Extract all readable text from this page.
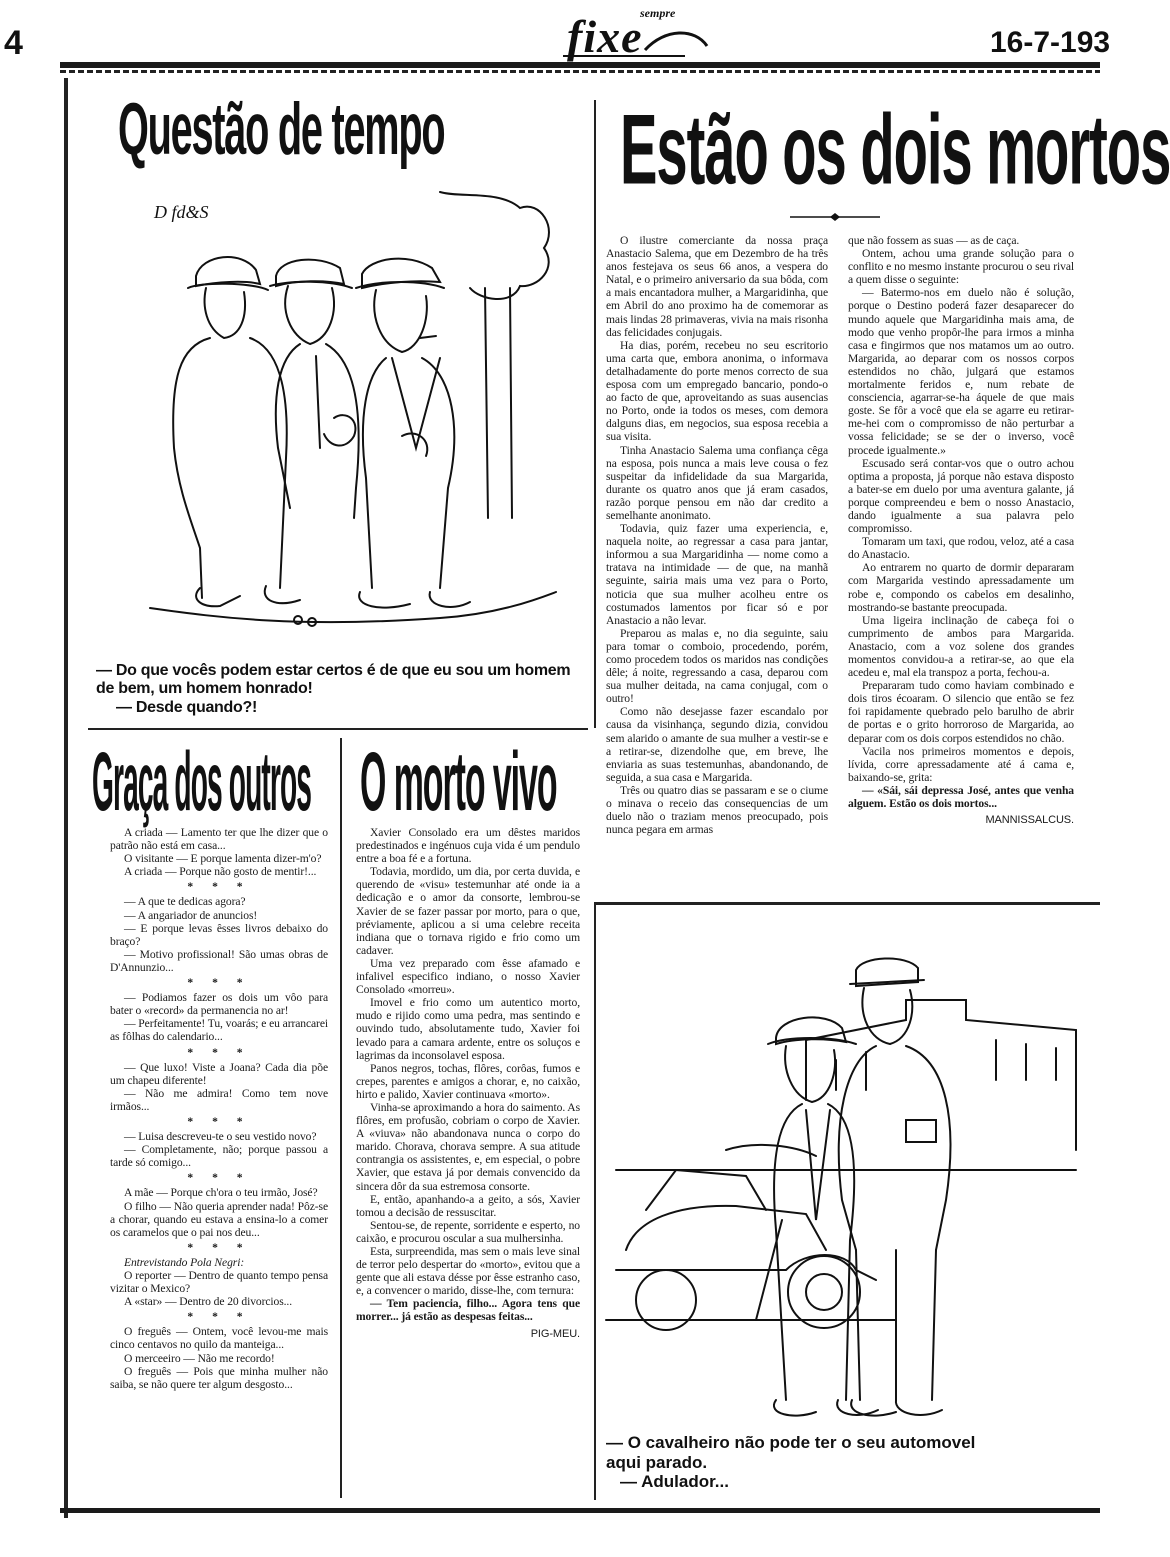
4
sempre
fixe	16-7-193
Questão de tempo
D fd&S
— Do que vocês podem estar certos é de que eu sou um homem
de bem, um homem honrado!
— Desde quando?!
Estão os dois mortos

O ilustre comerciante da nossa praça Anastacio Salema, que em Dezembro de ha três anos festejava os seus 66 anos, a vespera do Natal, e o primeiro aniversario da sua bôda, com a mais encantadora mulher, a Margaridinha, que em Abril do ano proximo ha de comemorar as mais lindas 28 primaveras, vivia na mais risonha das felicidades conjugais.

Ha dias, porém, recebeu no seu escritorio uma carta que, embora anonima, o informava detalhadamente do porte menos correcto de sua esposa com um empregado bancario, pondo-o ao facto de que, aproveitando as suas ausencias no Porto, onde ia todos os meses, com demora dalguns dias, em negocios, sua esposa recebia a sua visita.

Tinha Anastacio Salema uma confiança cêga na esposa, pois nunca a mais leve cousa o fez suspeitar da infidelidade da sua Margarida, durante os quatro anos que já eram casados, razão porque pensou em não dar credito a semelhante anonimato.

Todavia, quiz fazer uma experiencia, e, naquela noite, ao regressar a casa para jantar, informou a sua Margaridinha — nome como a tratava na intimidade — de que, na manhã seguinte, sairia mais uma vez para o Porto, noticia que sua mulher acolheu entre os costumados lamentos por ficar só e por Anastacio a não levar.

Preparou as malas e, no dia seguinte, saiu para tomar o comboio, procedendo, porém, como procedem todos os maridos nas condições dêle; á noite, regressando a casa, deparou com sua mulher deitada, na cama conjugal, com o outro!

Como não desejasse fazer escandalo por causa da visinhança, segundo dizia, convidou sem alarido o amante de sua mulher a vestir-se e a retirar-se, dizendolhe que, em breve, lhe enviaria as suas testemunhas, abandonando, de seguida, a sua casa e Margarida.

Três ou quatro dias se passaram e se o ciume o minava o receio das consequencias de um duelo não o traziam menos preocupado, pois nunca pegara em armas

que não fossem as suas — as de caça.

Ontem, achou uma grande solução para o conflito e no mesmo instante procurou o seu rival a quem disse o seguinte:

— Batermo-nos em duelo não é solução, porque o Destino poderá fazer desaparecer do mundo aquele que Margaridinha mais ama, de modo que venho propôr-lhe para irmos a minha casa e fingirmos que nos matamos um ao outro. Margarida, ao deparar com os nossos corpos estendidos no chão, julgará que estamos mortalmente feridos e, num rebate de consciencia, agarrar-se-ha áquele de que mais goste. Se fôr a você que ela se agarre eu retirar-me-hei com o compromisso de não perturbar a vossa felicidade; se se der o inverso, você procede igualmente.»

Escusado será contar-vos que o outro achou optima a proposta, já porque não estava disposto a bater-se em duelo por uma aventura galante, já porque compreendeu e bem o nosso Anastacio, dando igualmente a sua palavra pelo compromisso.

Tomaram um taxi, que rodou, veloz, até a casa do Anastacio.

Ao entrarem no quarto de dormir depararam com Margarida vestindo apressadamente um robe e, compondo os cabelos em desalinho, mostrando-se bastante preocupada.

Uma ligeira inclinação de cabeça foi o cumprimento de ambos para Margarida. Anastacio, com a voz solene dos grandes momentos convidou-a a retirar-se, ao que ela acedeu e, mal ela transpoz a porta, fechou-a.

Prepararam tudo como haviam combinado e dois tiros écoaram. O silencio que então se fez foi rapidamente quebrado pelo barulho de abrir de portas e o grito horroroso de Margarida, ao deparar com os dois corpos estendidos no chão.

Vacila nos primeiros momentos e depois, lívida, corre apressadamente até á cama e, baixando-se, grita:

— «Sái, sái depressa José, antes que venha alguem. Estão os dois mortos...

MANNISSALCUS.

Graça dos outros

A criada — Lamento ter que lhe dizer que o patrão não está em casa...

O visitante — E porque lamenta dizer-m'o?

A criada — Porque não gosto de mentir!...

* * *

— A que te dedicas agora?

— A angariador de anuncios!

— E porque levas êsses livros debaixo do braço?

— Motivo profissional! São umas obras de D'Annunzio...

* * *

— Podiamos fazer os dois um vôo para bater o «record» da permanencia no ar!

— Perfeitamente! Tu, voarás; e eu arrancarei as fôlhas do calendario...

* * *

— Que luxo! Viste a Joana? Cada dia põe um chapeu diferente!

— Não me admira! Como tem nove irmãos...

* * *

— Luisa descreveu-te o seu vestido novo?

— Completamente, não; porque passou a tarde só comigo...

* * *

A mãe — Porque ch'ora o teu irmão, José?

O filho — Não queria aprender nada! Pôz-se a chorar, quando eu estava a ensina-lo a comer os caramelos que o pai nos deu...

* * *

Entrevistando Pola Negri:

O reporter — Dentro de quanto tempo pensa vizitar o Mexico?

A «star» — Dentro de 20 divorcios...

* * *

O freguês — Ontem, você levou-me mais cinco centavos no quilo da manteiga...

O merceeiro — Não me recordo!

O freguês — Pois que minha mulher não saiba, se não quere ter algum desgosto...

O morto vivo

Xavier Consolado era um dêstes maridos predestinados e ingénuos cuja vida é um pendulo entre a boa fé e a fortuna.

Todavia, mordido, um dia, por certa duvida, e querendo de «visu» testemunhar até onde ia a dedicação e o amor da consorte, lembrou-se Xavier de se fazer passar por morto, para o que, préviamente, aplicou a si uma celebre receita indiana que o tornava rigido e frio como um cadaver.

Uma vez preparado com êsse afamado e infalivel especifico indiano, o nosso Xavier Consolado «morreu».

Imovel e frio como um autentico morto, mudo e rijido como uma pedra, mas sentindo e ouvindo tudo, absolutamente tudo, Xavier foi levado para a camara ardente, entre os soluços e lagrimas da inconsolavel esposa.

Panos negros, tochas, flôres, corôas, fumos e crepes, parentes e amigos a chorar, e, no caixão, hirto e palido, Xavier continuava «morto».

Vinha-se aproximando a hora do saimento. As flôres, em profusão, cobriam o corpo de Xavier. A «viuva» não abandonava nunca o corpo do marido. Chorava, chorava sempre. A sua atitude contrangia os assistentes, e, em especial, o pobre Xavier, que estava já por demais convencido da sincera dôr da sua estremosa consorte.

E, então, apanhando-a a geito, a sós, Xavier tomou a decisão de ressuscitar.

Sentou-se, de repente, sorridente e esperto, no caixão, e procurou oscular a sua mulhersinha.

Esta, surpreendida, mas sem o mais leve sinal de terror pelo despertar do «morto», evitou que a gente que ali estava désse por êsse estranho caso, e, a convencer o marido, disse-lhe, com ternura:

— Tem paciencia, filho... Agora tens que morrer... já estão as despesas feitas...

PIG-MEU.

— O cavalheiro não pode ter o seu automovel
aqui parado.
— Adulador...
